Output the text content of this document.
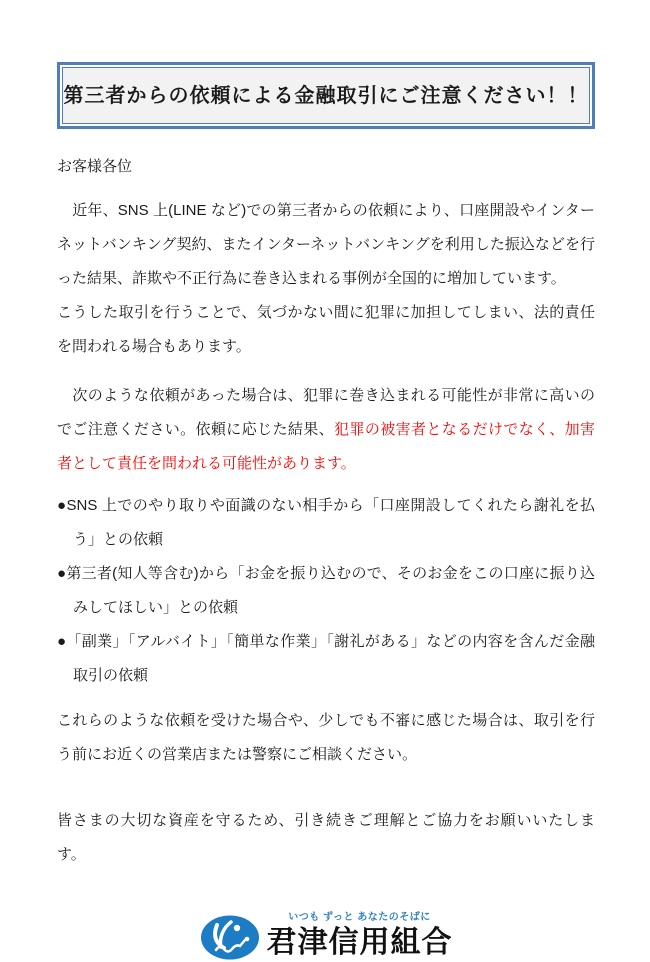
第三者からの依頼による金融取引にご注意ください！！

お客様各位

　近年、SNS 上(LINE など)での第三者からの依頼により、口座開設やインターネットバンキング契約、またインターネットバンキングを利用した振込などを行った結果、詐欺や不正行為に巻き込まれる事例が全国的に増加しています。

こうした取引を行うことで、気づかない間に犯罪に加担してしまい、法的責任を問われる場合もあります。

　次のような依頼があった場合は、犯罪に巻き込まれる可能性が非常に高いのでご注意ください。依頼に応じた結果、犯罪の被害者となるだけでなく、加害者として責任を問われる可能性があります。

●SNS 上でのやり取りや面識のない相手から「口座開設してくれたら謝礼を払う」との依頼
●第三者(知人等含む)から「お金を振り込むので、そのお金をこの口座に振り込みしてほしい」との依頼
●「副業」「アルバイト」「簡単な作業」「謝礼がある」などの内容を含んだ金融取引の依頼

これらのような依頼を受けた場合や、少しでも不審に感じた場合は、取引を行う前にお近くの営業店または警察にご相談ください。

皆さまの大切な資産を守るため、引き続きご理解とご協力をお願いいたします。

いつも ずっと あなたのそばに
君津信用組合
